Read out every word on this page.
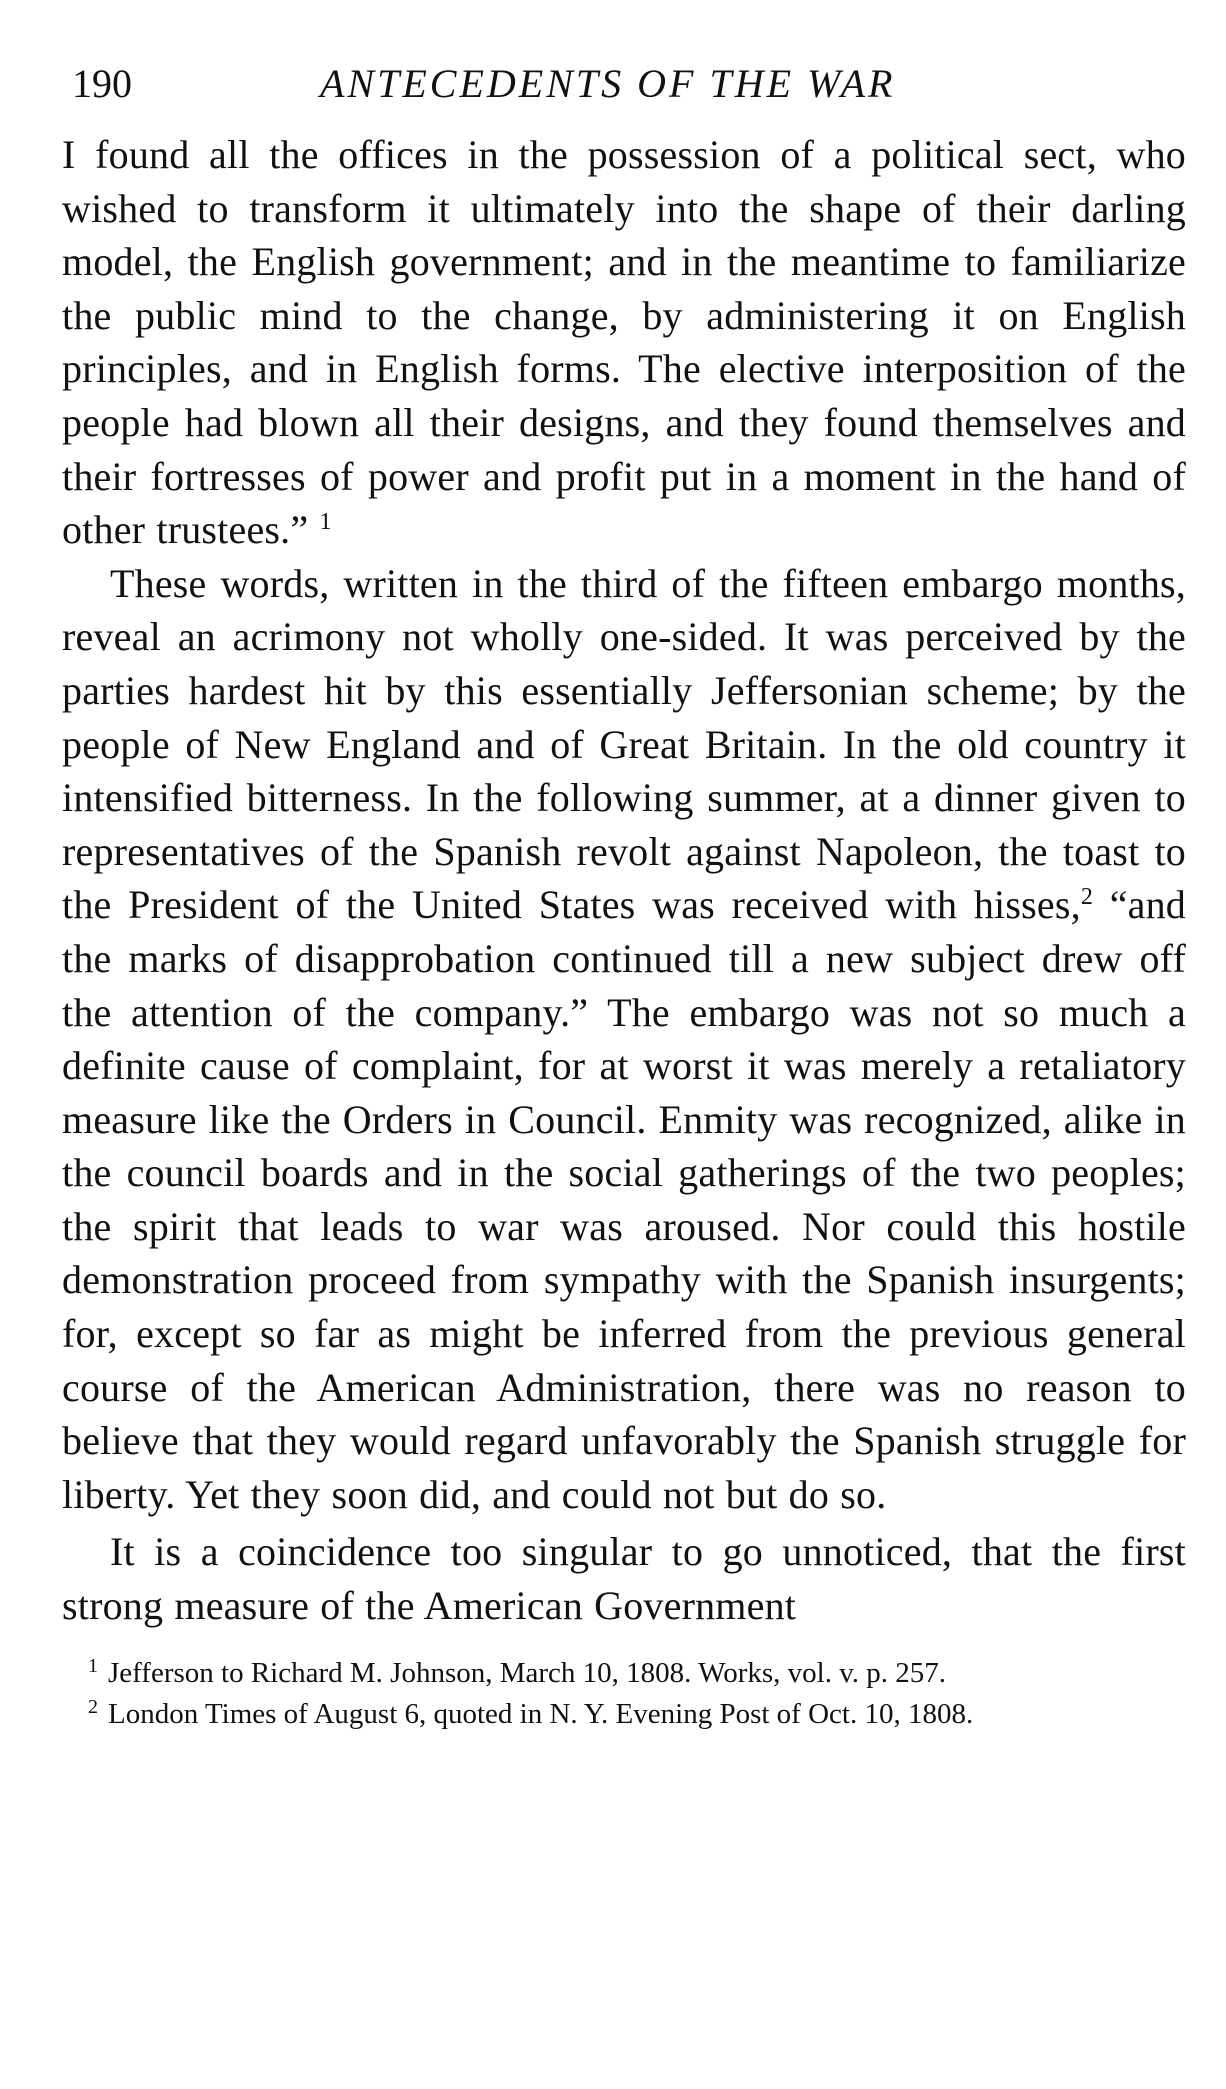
190	ANTECEDENTS OF THE WAR

I found all the offices in the possession of a political sect, who wished to transform it ultimately into the shape of their darling model, the English government; and in the meantime to familiarize the public mind to the change, by administering it on English principles, and in English forms. The elective interposition of the people had blown all their designs, and they found themselves and their fortresses of power and profit put in a moment in the hand of other trustees.” $^1$

These words, written in the third of the fifteen embargo months, reveal an acrimony not wholly one-sided. It was perceived by the parties hardest hit by this essentially Jeffersonian scheme; by the people of New England and of Great Britain. In the old country it intensified bitterness. In the following summer, at a dinner given to representatives of the Spanish revolt against Napoleon, the toast to the President of the United States was received with hisses,$^2$ “and the marks of disapprobation continued till a new subject drew off the attention of the company.” The embargo was not so much a definite cause of complaint, for at worst it was merely a retaliatory measure like the Orders in Council. Enmity was recognized, alike in the council boards and in the social gatherings of the two peoples; the spirit that leads to war was aroused. Nor could this hostile demonstration proceed from sympathy with the Spanish insurgents; for, except so far as might be inferred from the previous general course of the American Administration, there was no reason to believe that they would regard unfavorably the Spanish struggle for liberty. Yet they soon did, and could not but do so.

It is a coincidence too singular to go unnoticed, that the first strong measure of the American Government

$^1$ Jefferson to Richard M. Johnson, March 10, 1808. Works, vol. v. p. 257.
$^2$ London Times of August 6, quoted in N. Y. Evening Post of Oct. 10, 1808.
